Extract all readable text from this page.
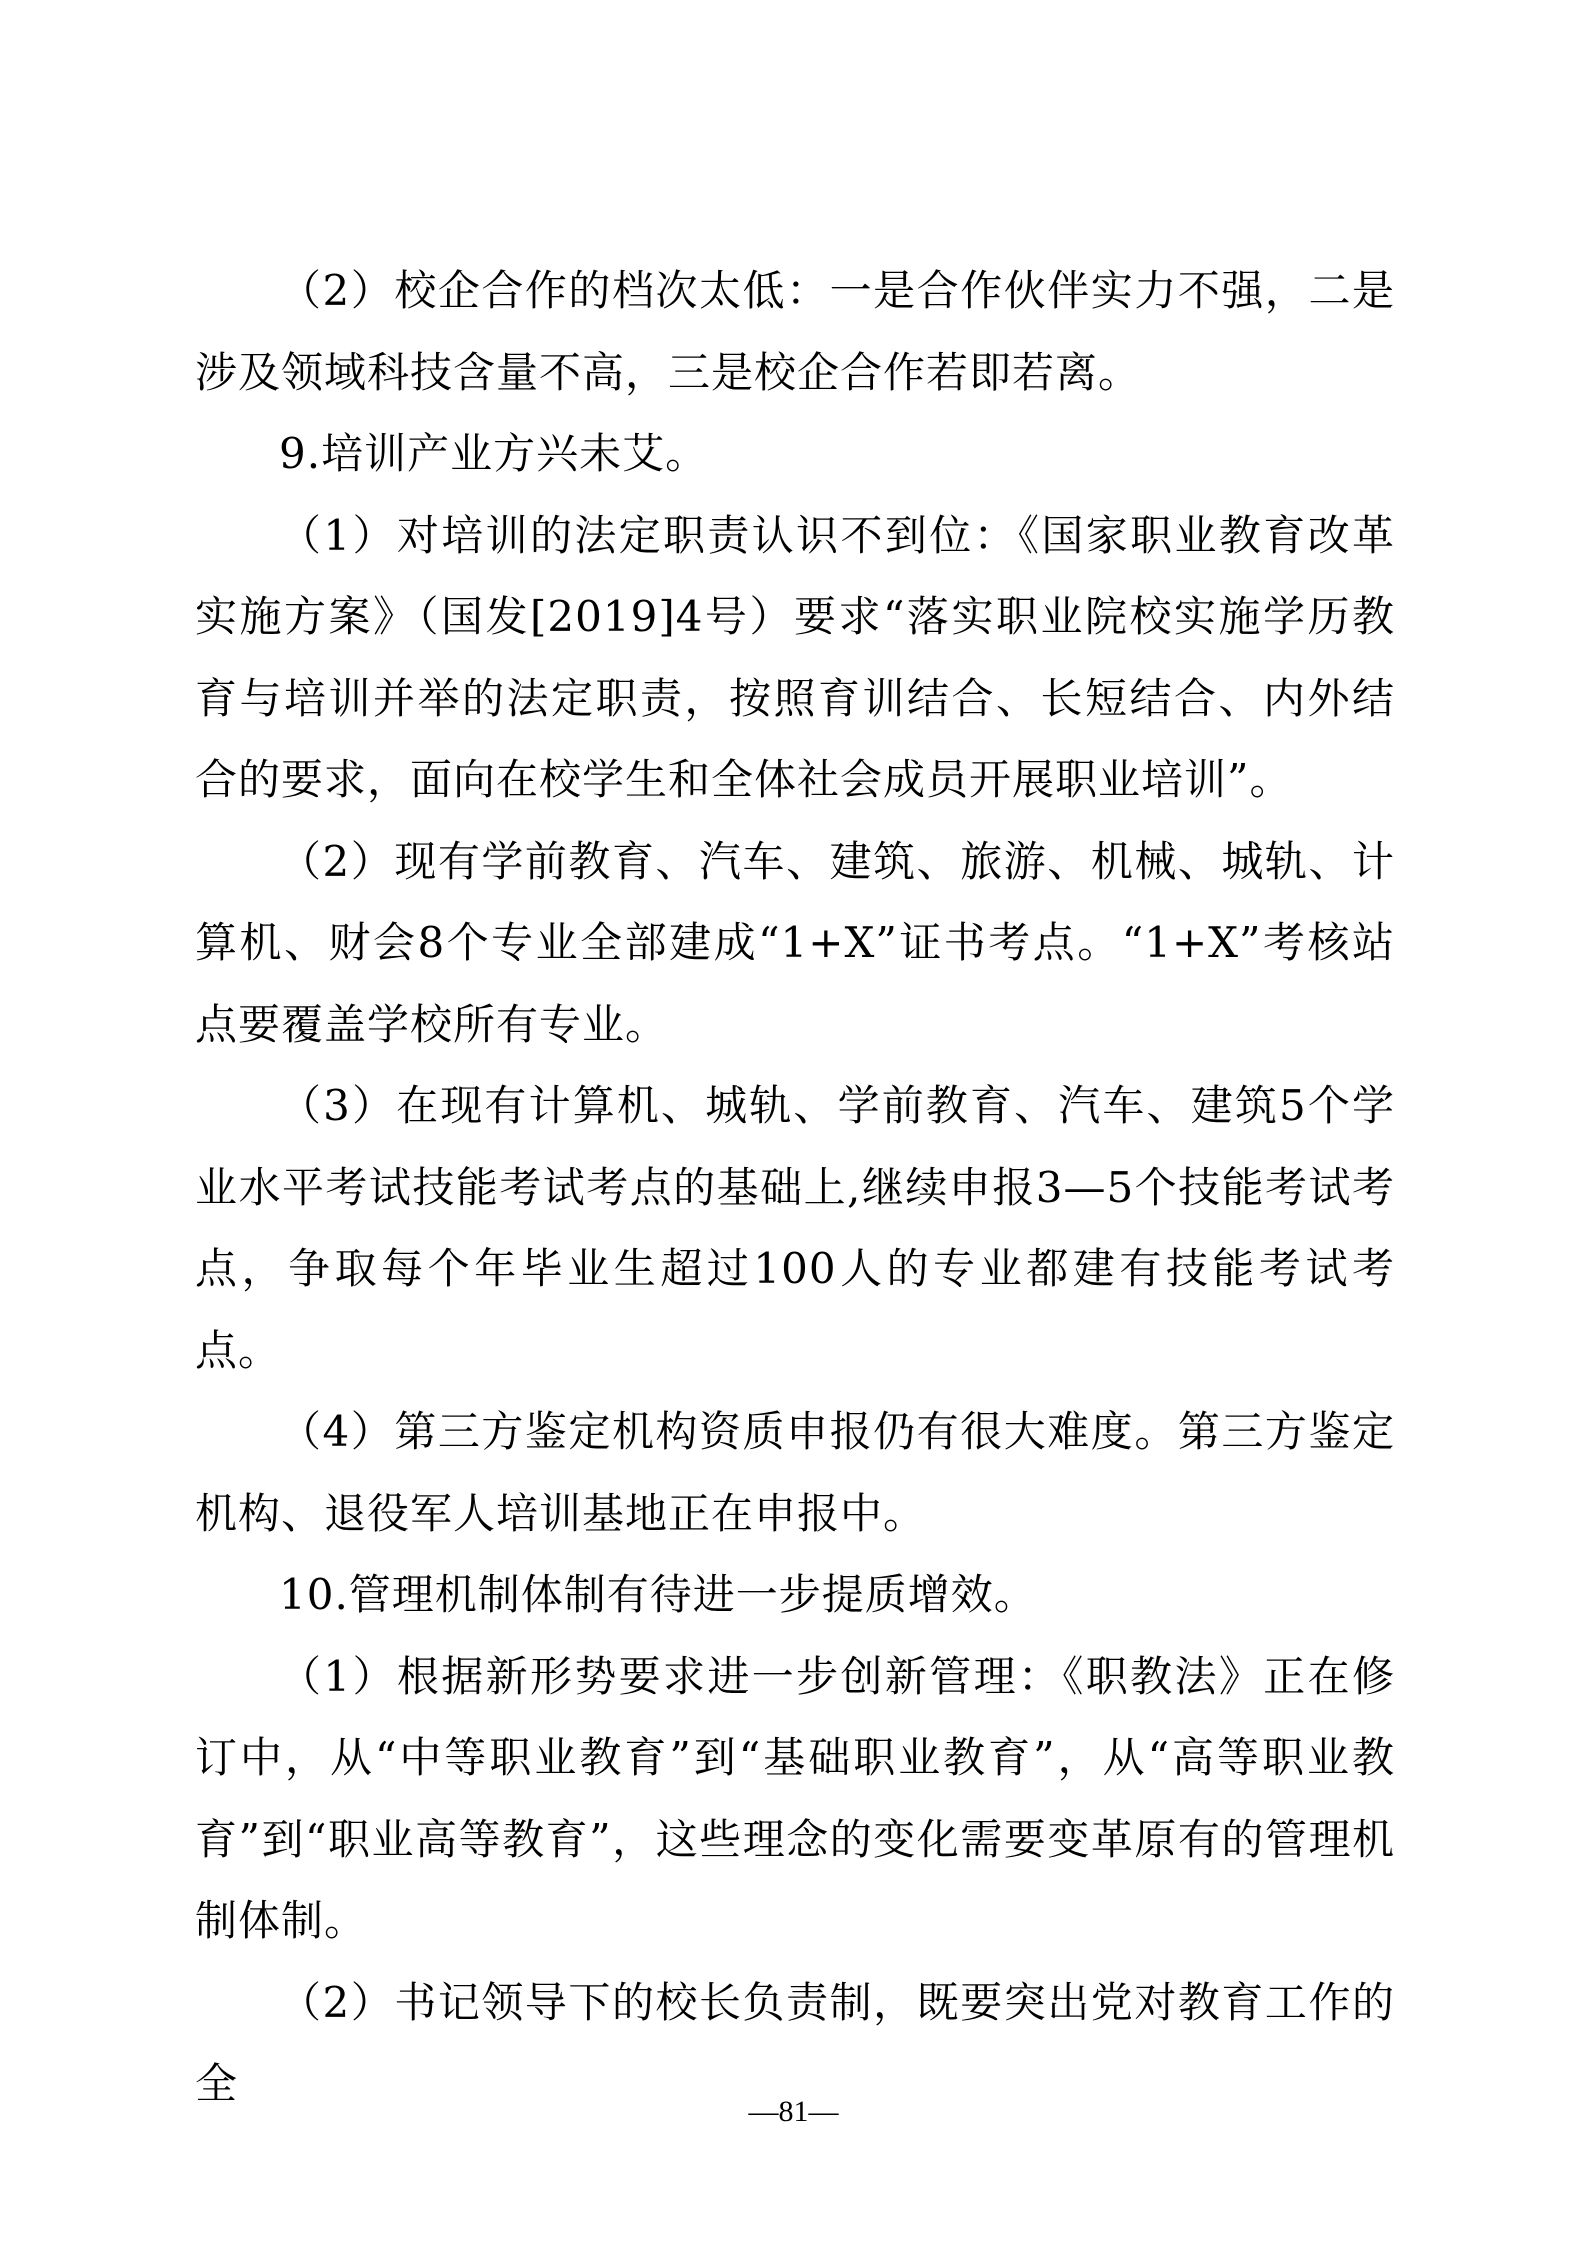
（2）校企合作的档次太低：一是合作伙伴实力不强，二是涉及领域科技含量不高，三是校企合作若即若离。

9.培训产业方兴未艾。

（1）对培训的法定职责认识不到位：《国家职业教育改革实施方案》（国发[2019]4号）要求“落实职业院校实施学历教育与培训并举的法定职责，按照育训结合、长短结合、内外结合的要求，面向在校学生和全体社会成员开展职业培训”。

（2）现有学前教育、汽车、建筑、旅游、机械、城轨、计算机、财会8个专业全部建成“1+X”证书考点。“1+X”考核站点要覆盖学校所有专业。

（3）在现有计算机、城轨、学前教育、汽车、建筑5个学业水平考试技能考试考点的基础上,继续申报3—5个技能考试考点，争取每个年毕业生超过100人的专业都建有技能考试考点。

（4）第三方鉴定机构资质申报仍有很大难度。第三方鉴定机构、退役军人培训基地正在申报中。

10.管理机制体制有待进一步提质增效。

（1）根据新形势要求进一步创新管理：《职教法》正在修订中，从“中等职业教育”到“基础职业教育”，从“高等职业教育”到“职业高等教育”，这些理念的变化需要变革原有的管理机制体制。

（2）书记领导下的校长负责制，既要突出党对教育工作的全

—81—
